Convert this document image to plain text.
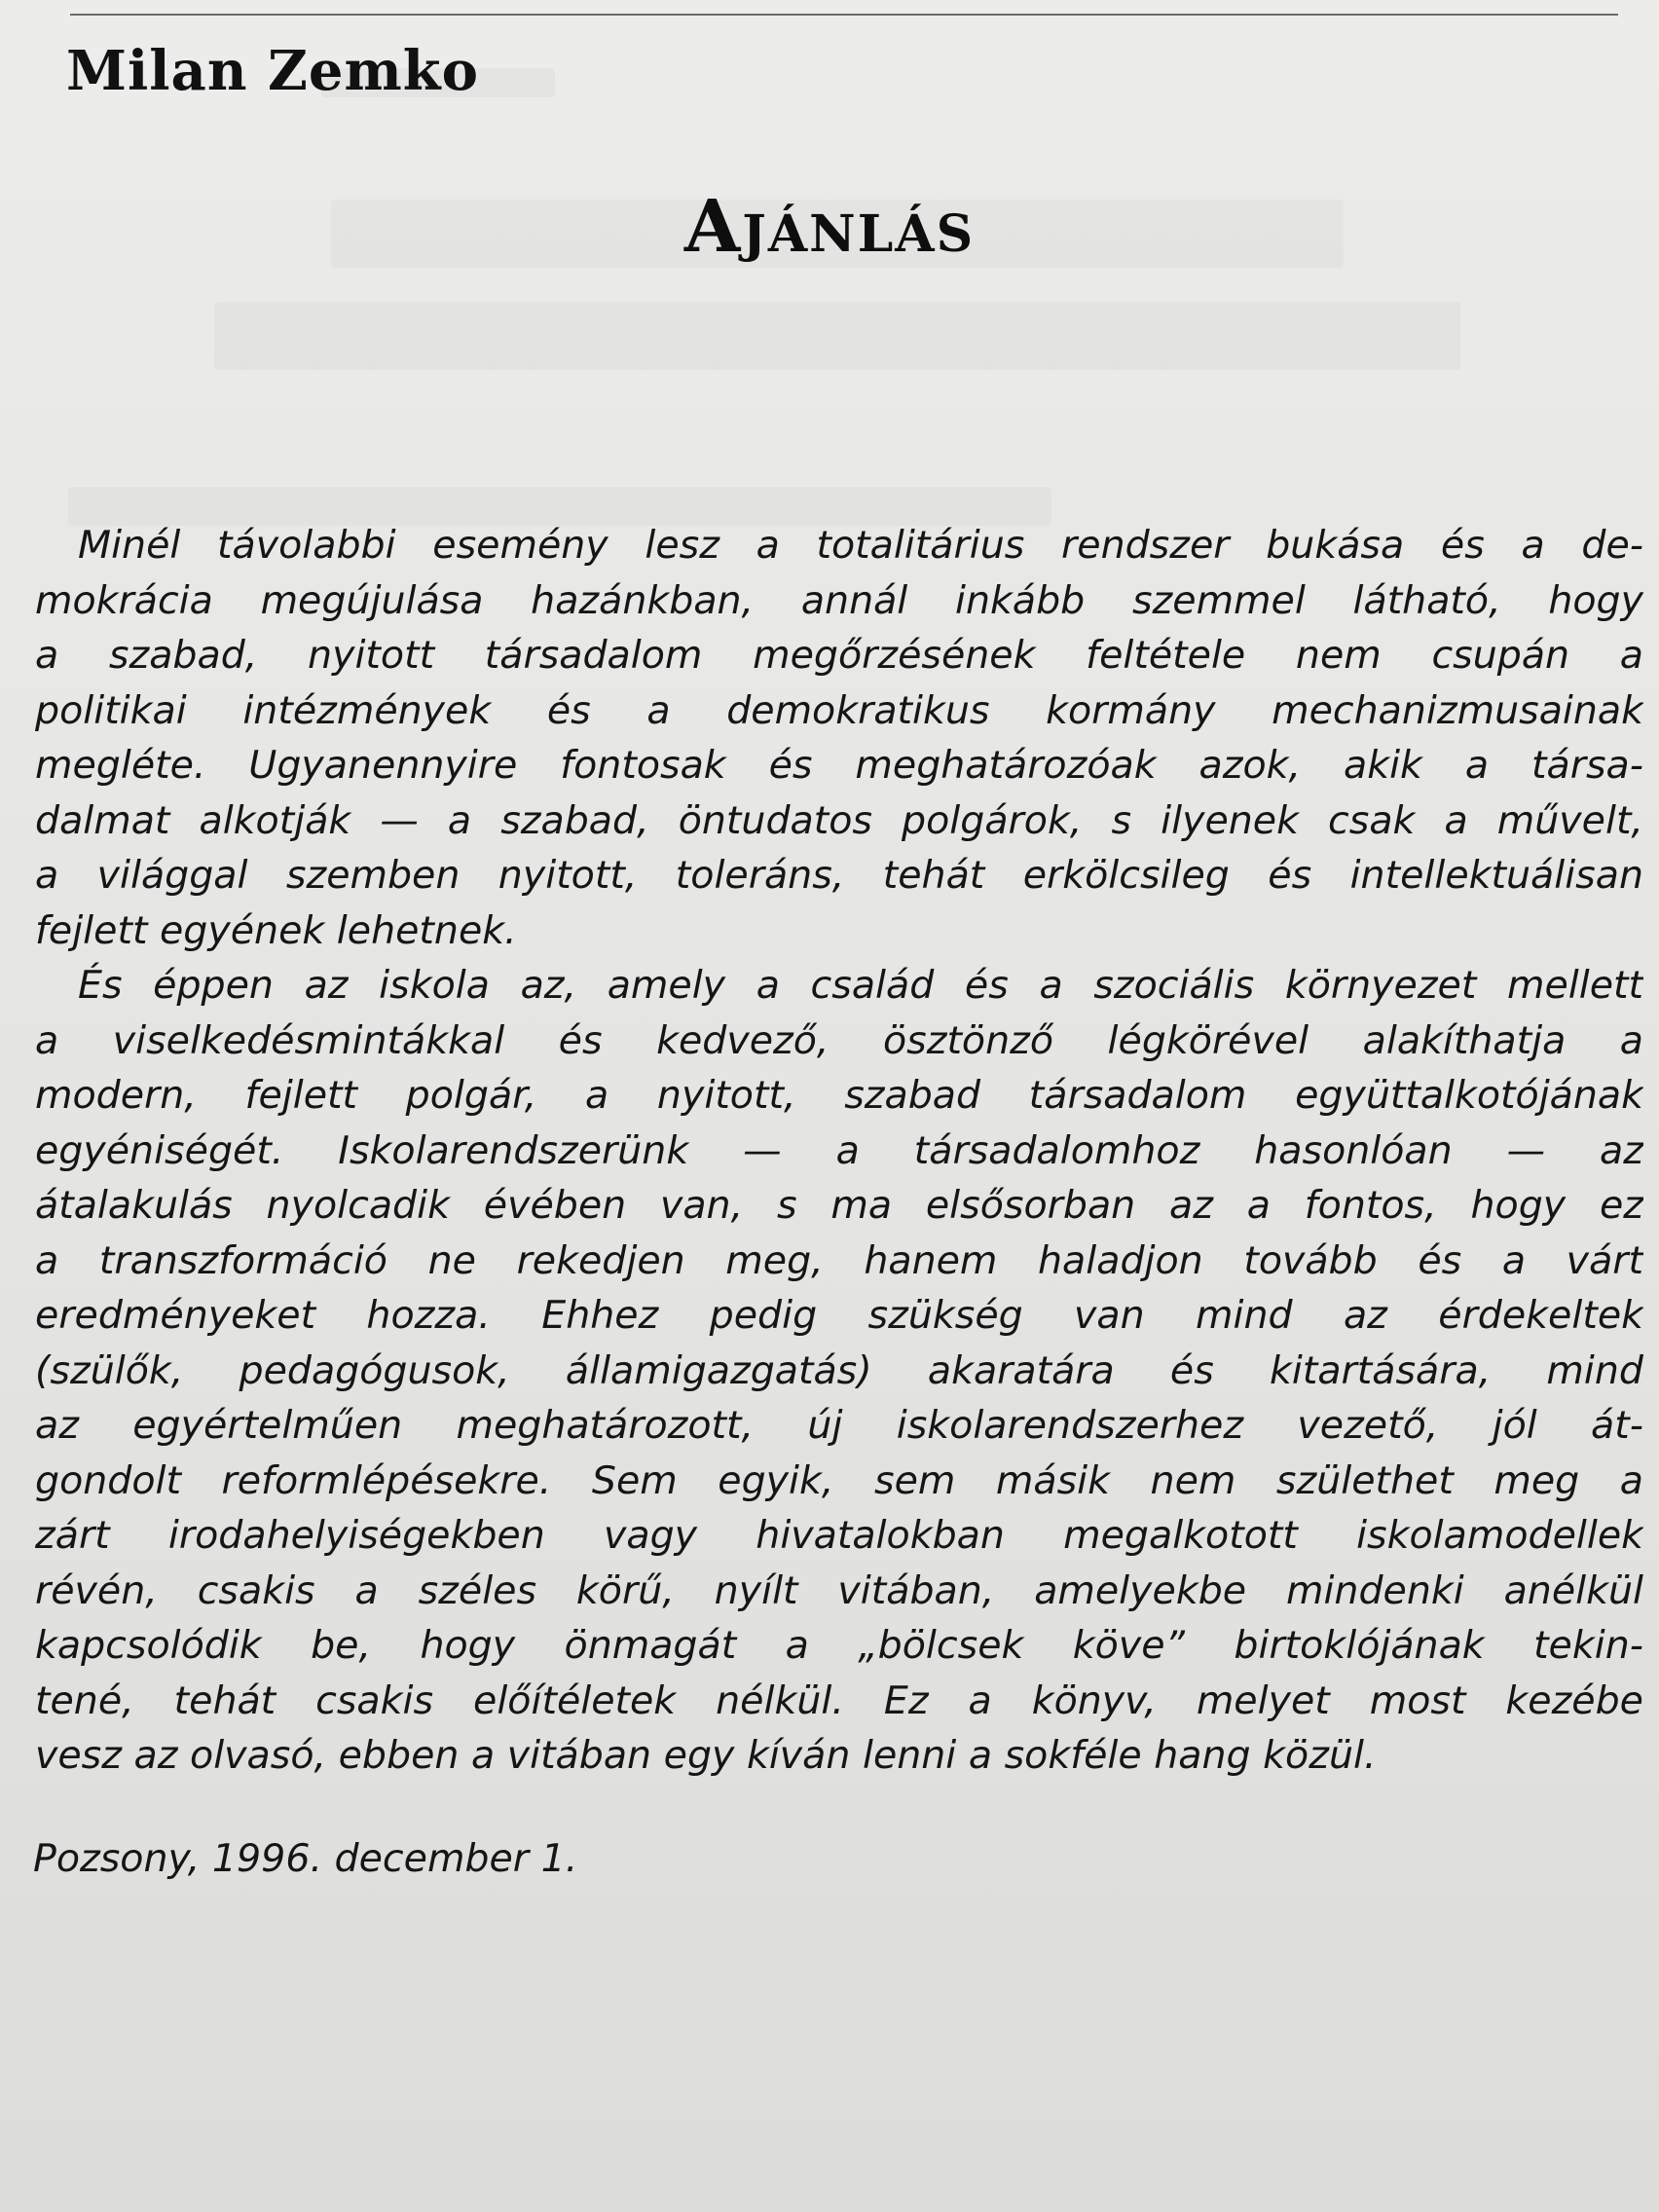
Milan Zemko
Ajánlás
Minél távolabbi esemény lesz a totalitárius rendszer bukása és a de-
mokrácia megújulása hazánkban, annál inkább szemmel látható, hogy
a szabad, nyitott társadalom megőrzésének feltétele nem csupán a
politikai intézmények és a demokratikus kormány mechanizmusainak
megléte. Ugyanennyire fontosak és meghatározóak azok, akik a társa-
dalmat alkotják — a szabad, öntudatos polgárok, s ilyenek csak a művelt,
a világgal szemben nyitott, toleráns, tehát erkölcsileg és intellektuálisan
fejlett egyének lehetnek.
És éppen az iskola az, amely a család és a szociális környezet mellett
a viselkedésmintákkal és kedvező, ösztönző légkörével alakíthatja a
modern, fejlett polgár, a nyitott, szabad társadalom együttalkotójának
egyéniségét. Iskolarendszerünk — a társadalomhoz hasonlóan — az
átalakulás nyolcadik évében van, s ma elsősorban az a fontos, hogy ez
a transzformáció ne rekedjen meg, hanem haladjon tovább és a várt
eredményeket hozza. Ehhez pedig szükség van mind az érdekeltek
(szülők, pedagógusok, államigazgatás) akaratára és kitartására, mind
az egyértelműen meghatározott, új iskolarendszerhez vezető, jól át-
gondolt reformlépésekre. Sem egyik, sem másik nem születhet meg a
zárt irodahelyiségekben vagy hivatalokban megalkotott iskolamodellek
révén, csakis a széles körű, nyílt vitában, amelyekbe mindenki anélkül
kapcsolódik be, hogy önmagát a „bölcsek köve” birtoklójának tekin-
tené, tehát csakis előítéletek nélkül. Ez a könyv, melyet most kezébe
vesz az olvasó, ebben a vitában egy kíván lenni a sokféle hang közül.
Pozsony, 1996. december 1.
